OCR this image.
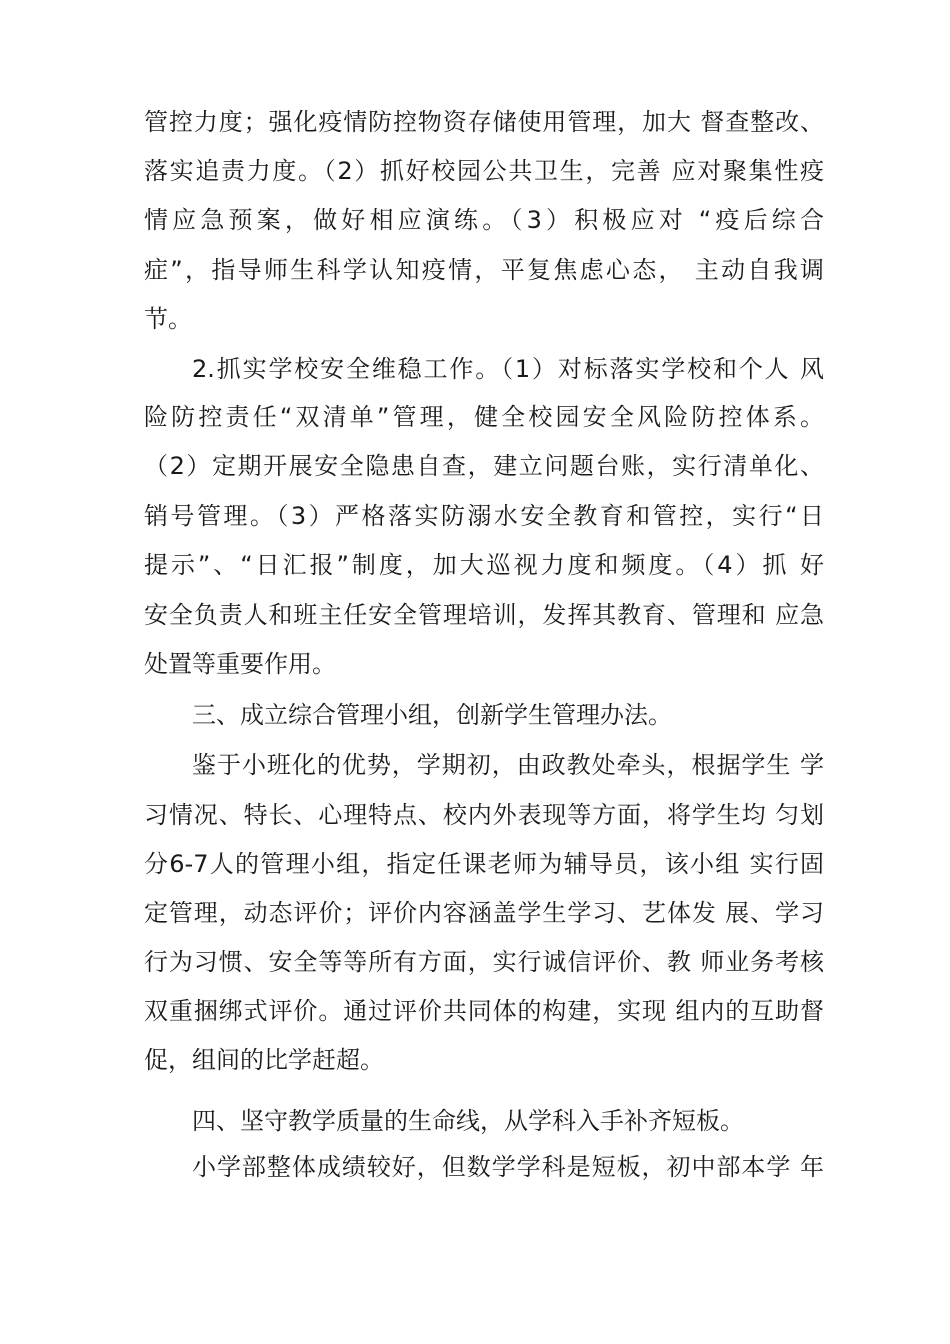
管控力度；强化疫情防控物资存储使用管理，加大 督查整改、
落实追责力度。（2）抓好校园公共卫生，完善 应对聚集性疫
情应急预案，做好相应演练。（3）积极应对 “疫后综合
症”，指导师生科学认知疫情，平复焦虑心态， 主动自我调
节。
2.抓实学校安全维稳工作。（1）对标落实学校和个人 风
险防控责任“双清单”管理，健全校园安全风险防控体系。
（2）定期开展安全隐患自查，建立问题台账，实行清单化、
销号管理。（3）严格落实防溺水安全教育和管控，实行“日
提示”、“日汇报”制度，加大巡视力度和频度。（4）抓 好
安全负责人和班主任安全管理培训，发挥其教育、管理和 应急
处置等重要作用。
三、成立综合管理小组，创新学生管理办法。
鉴于小班化的优势，学期初，由政教处牵头，根据学生 学
习情况、特长、心理特点、校内外表现等方面，将学生均 匀划
分6-7人的管理小组，指定任课老师为辅导员，该小组 实行固
定管理，动态评价；评价内容涵盖学生学习、艺体发 展、学习
行为习惯、安全等等所有方面，实行诚信评价、教 师业务考核
双重捆绑式评价。通过评价共同体的构建，实现 组内的互助督
促，组间的比学赶超。
四、坚守教学质量的生命线，从学科入手补齐短板。
小学部整体成绩较好，但数学学科是短板，初中部本学 年
